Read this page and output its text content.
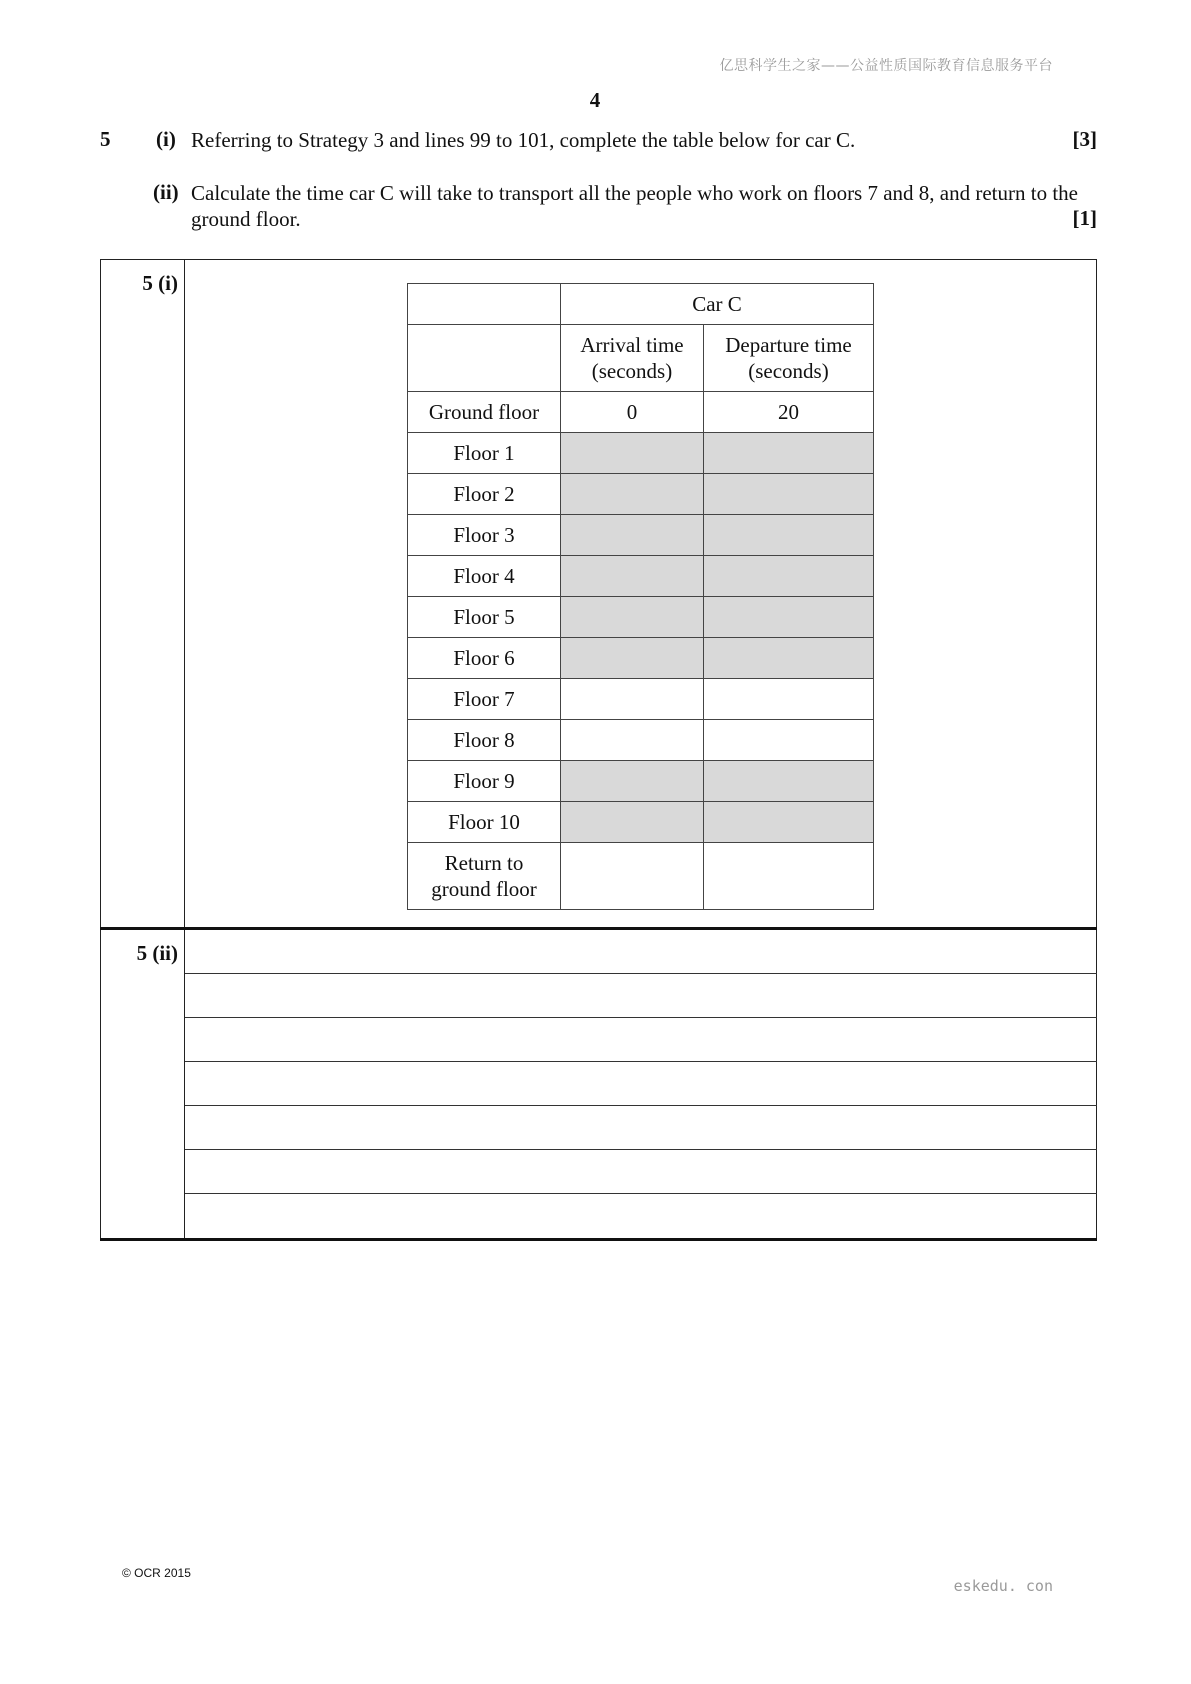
亿思科学生之家——公益性质国际教育信息服务平台
4
5 (i) Referring to Strategy 3 and lines 99 to 101, complete the table below for car C.	[3]
(ii) Calculate the time car C will take to transport all the people who work on floors 7 and 8, and return to the ground floor.	[1]
5 (i)
5 (ii)
	Car C	
	Arrival time (seconds)	Departure time (seconds)
Ground floor	0	20
Floor 1		
Floor 2		
Floor 3		
Floor 4		
Floor 5		
Floor 6		
Floor 7		
Floor 8		
Floor 9		
Floor 10		
Return to ground floor		
© OCR 2015
eskedu. con
